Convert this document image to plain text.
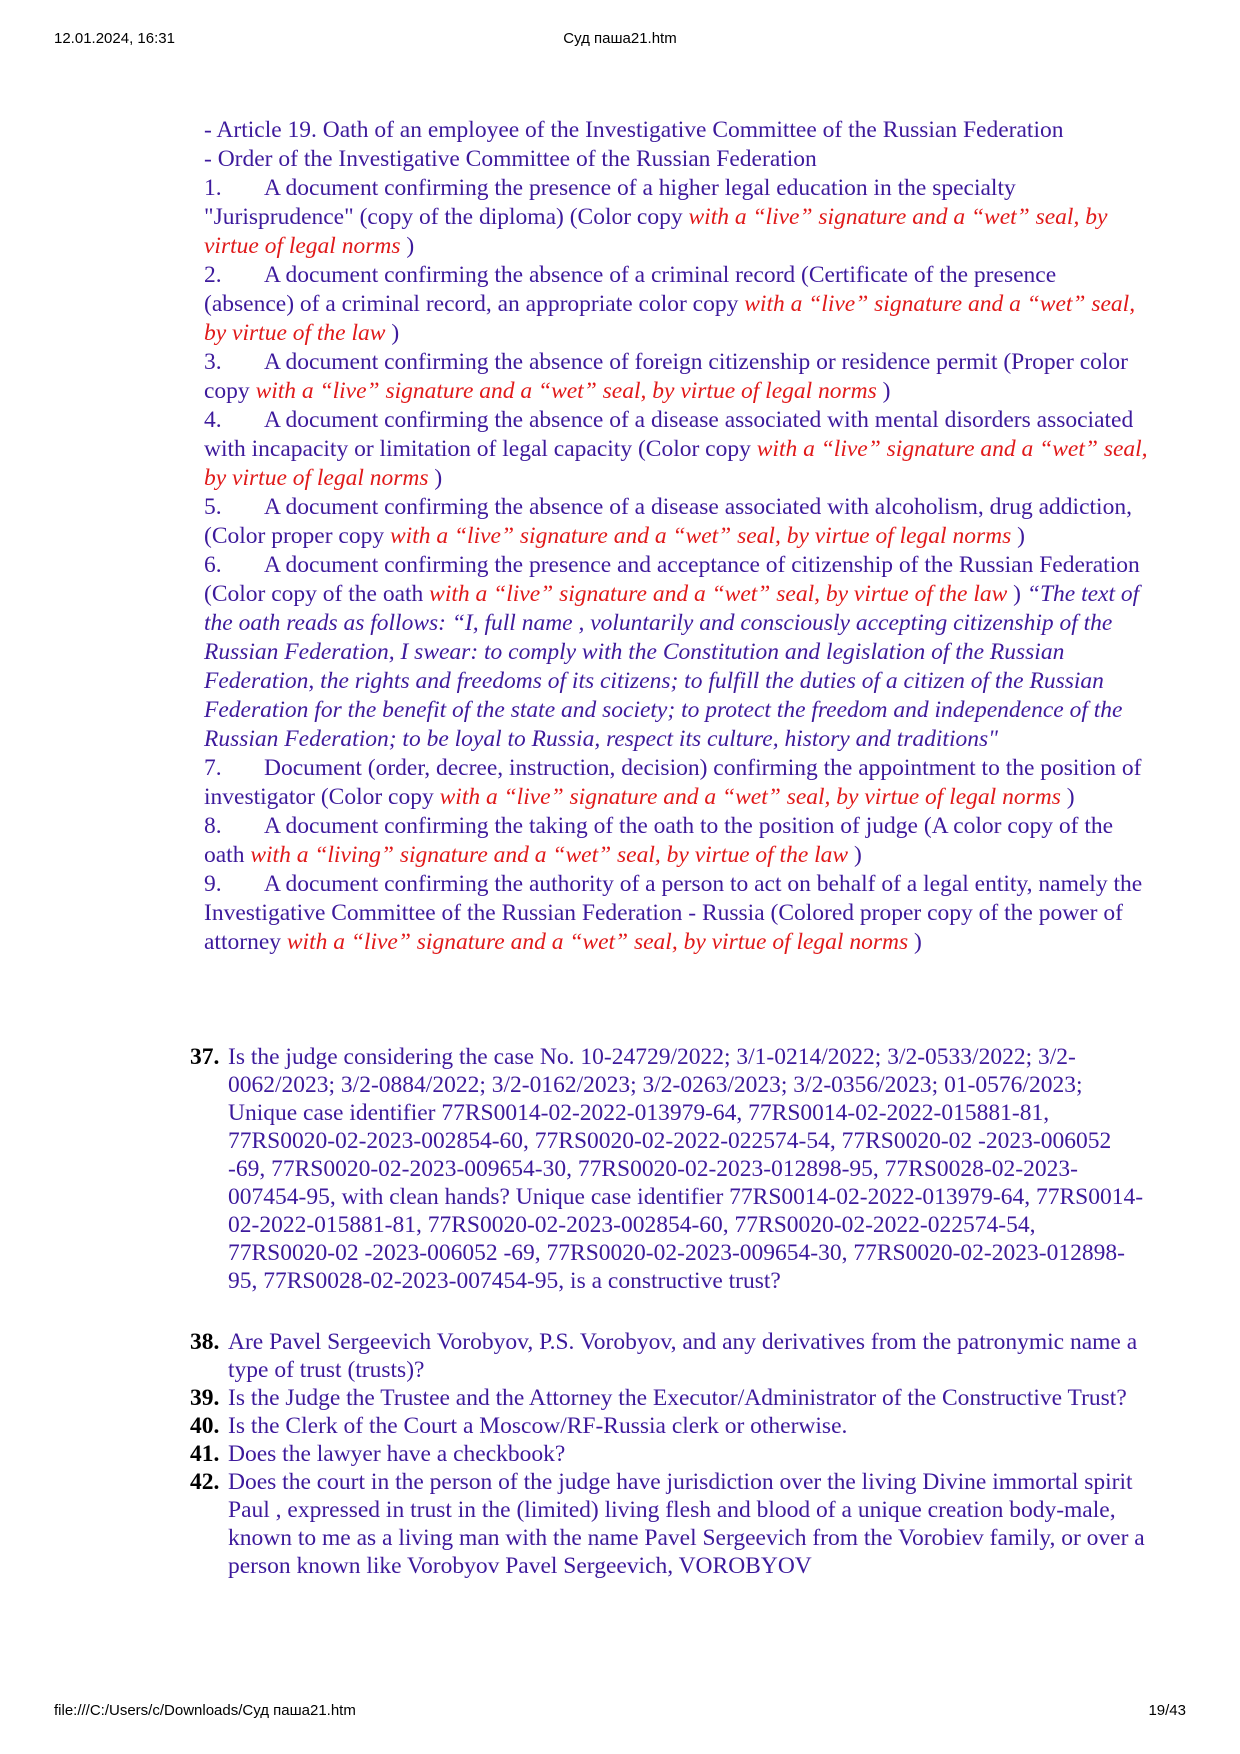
12.01.2024, 16:31	Суд паша21.htm

- Article 19. Oath of an employee of the Investigative Committee of the Russian Federation

- Order of the Investigative Committee of the Russian Federation

1. A document confirming the presence of a higher legal education in the specialty "Jurisprudence" (copy of the diploma) (Color copy with a “live” signature and a “wet” seal, by virtue of legal norms )

2. A document confirming the absence of a criminal record (Certificate of the presence (absence) of a criminal record, an appropriate color copy with a “live” signature and a “wet” seal, by virtue of the law )

3. A document confirming the absence of foreign citizenship or residence permit (Proper color copy with a “live” signature and a “wet” seal, by virtue of legal norms )

4. A document confirming the absence of a disease associated with mental disorders associated with incapacity or limitation of legal capacity (Color copy with a “live” signature and a “wet” seal, by virtue of legal norms )

5. A document confirming the absence of a disease associated with alcoholism, drug addiction, (Color proper copy with a “live” signature and a “wet” seal, by virtue of legal norms )

6. A document confirming the presence and acceptance of citizenship of the Russian Federation (Color copy of the oath with a “live” signature and a “wet” seal, by virtue of the law ) “The text of the oath reads as follows: “I, full name , voluntarily and consciously accepting citizenship of the Russian Federation, I swear: to comply with the Constitution and legislation of the Russian Federation, the rights and freedoms of its citizens; to fulfill the duties of a citizen of the Russian Federation for the benefit of the state and society; to protect the freedom and independence of the Russian Federation; to be loyal to Russia, respect its culture, history and traditions"

7. Document (order, decree, instruction, decision) confirming the appointment to the position of investigator (Color copy with a “live” signature and a “wet” seal, by virtue of legal norms )

8. A document confirming the taking of the oath to the position of judge (A color copy of the oath with a “living” signature and a “wet” seal, by virtue of the law )

9. A document confirming the authority of a person to act on behalf of a legal entity, namely the Investigative Committee of the Russian Federation - Russia (Colored proper copy of the power of attorney with a “live” signature and a “wet” seal, by virtue of legal norms )

37. Is the judge considering the case No. 10-24729/2022; 3/1-0214/2022; 3/2-0533/2022; 3/2-0062/2023; 3/2-0884/2022; 3/2-0162/2023; 3/2-0263/2023; 3/2-0356/2023; 01-0576/2023; Unique case identifier 77RS0014-02-2022-013979-64, 77RS0014-02-2022-015881-81, 77RS0020-02-2023-002854-60, 77RS0020-02-2022-022574-54, 77RS0020-02 -2023-006052 -69, 77RS0020-02-2023-009654-30, 77RS0020-02-2023-012898-95, 77RS0028-02-2023-007454-95, with clean hands? Unique case identifier 77RS0014-02-2022-013979-64, 77RS0014-02-2022-015881-81, 77RS0020-02-2023-002854-60, 77RS0020-02-2022-022574-54, 77RS0020-02 -2023-006052 -69, 77RS0020-02-2023-009654-30, 77RS0020-02-2023-012898-95, 77RS0028-02-2023-007454-95, is a constructive trust?

38. Are Pavel Sergeevich Vorobyov, P.S. Vorobyov, and any derivatives from the patronymic name a type of trust (trusts)?

39. Is the Judge the Trustee and the Attorney the Executor/Administrator of the Constructive Trust?

40. Is the Clerk of the Court a Moscow/RF-Russia clerk or otherwise.

41. Does the lawyer have a checkbook?

42. Does the court in the person of the judge have jurisdiction over the living Divine immortal spirit Paul , expressed in trust in the (limited) living flesh and blood of a unique creation body-male, known to me as a living man with the name Pavel Sergeevich from the Vorobiev family, or over a person known like Vorobyov Pavel Sergeevich, VOROBYOV

file:///C:/Users/c/Downloads/Суд паша21.htm	19/43
